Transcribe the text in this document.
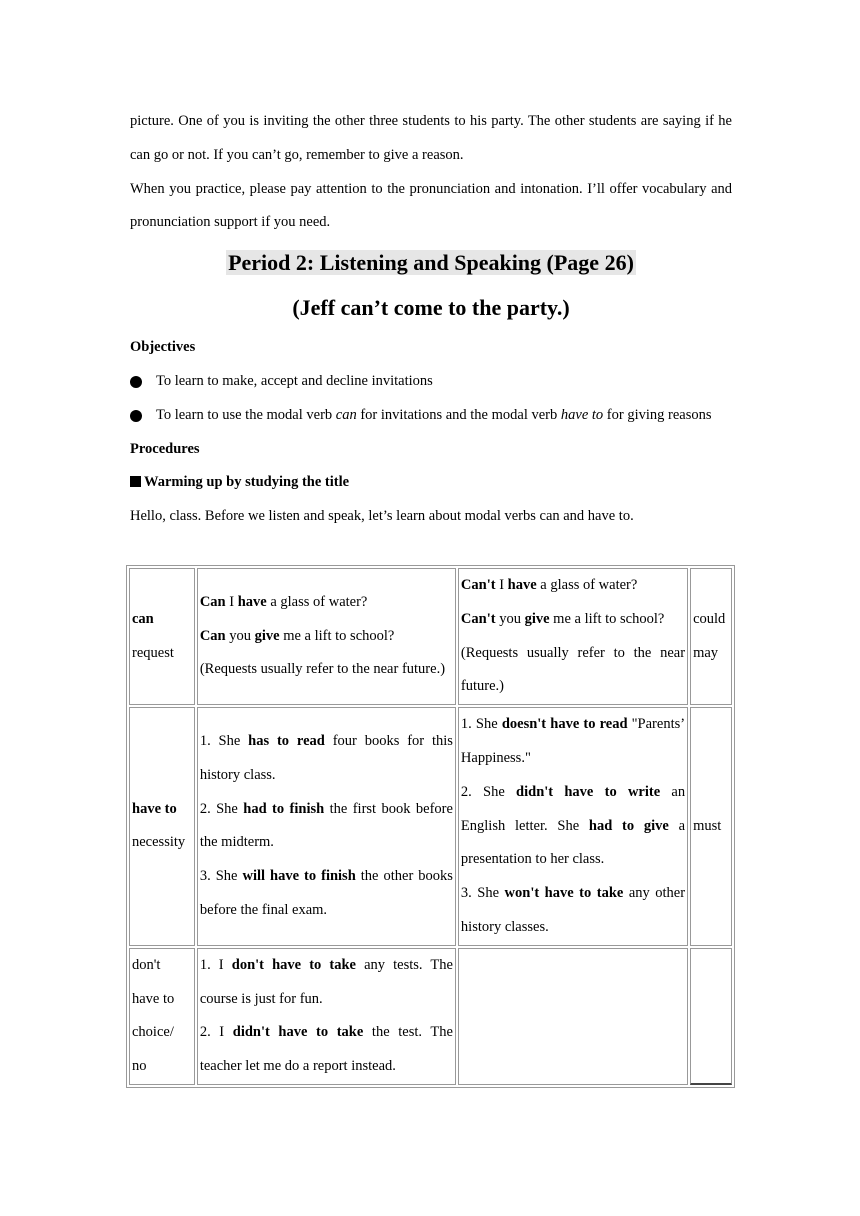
picture. One of you is inviting the other three students to his party. The other students are saying if he can go or not. If you can’t go, remember to give a reason.

When you practice, please pay attention to the pronunciation and intonation. I’ll offer vocabulary and pronunciation support if you need.

Period 2: Listening and Speaking (Page 26)
(Jeff can’t come to the party.)

Objectives

To learn to make, accept and decline invitations

To learn to use the modal verb can for invitations and the modal verb have to for giving reasons

Procedures

Warming up by studying the title

Hello, class. Before we listen and speak, let’s learn about modal verbs can and have to.

can
request	Can I have a glass of water?
Can you give me a lift to school?
(Requests usually refer to the near future.)	Can't I have a glass of water?
Can't you give me a lift to school?
(Requests usually refer to the near future.)	could
may

have to
necessity	1. She has to read four books for this history class.
2. She had to finish the first book before the midterm.
3. She will have to finish the other books before the final exam.	1. She doesn't have to read "Parents’ Happiness."
2. She didn't have to write an English letter. She had to give a presentation to her class.
3. She won't have to take any other history classes.	must

don't
have to
choice/
no	1. I don't have to take any tests. The course is just for fun.
2. I didn't have to take the test. The teacher let me do a report instead.		
